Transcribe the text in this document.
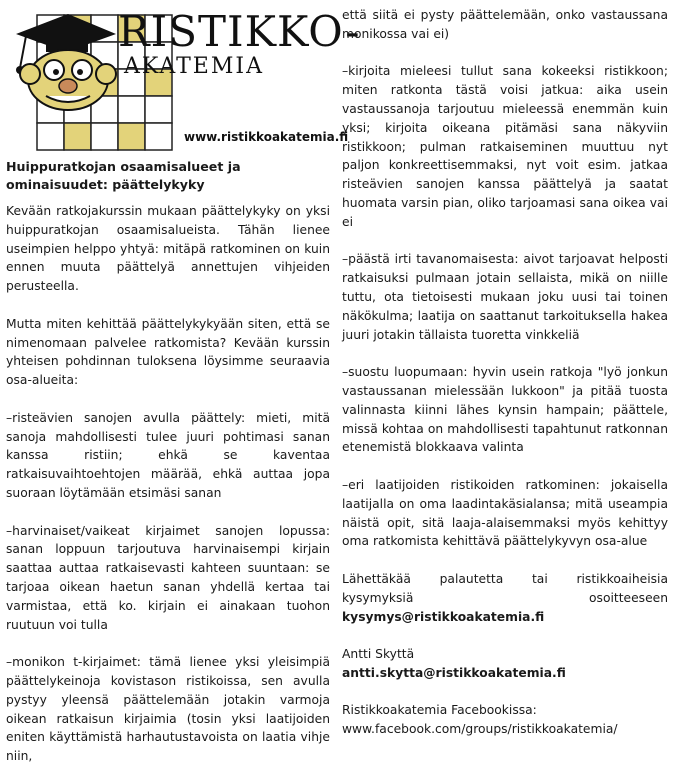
RISTIKKO-
AKATEMIA
www.ristikkoakatemia.fi
Huippuratkojan osaamisalueet ja ominaisuudet: päättelykyky

Kevään ratkojakurssin mukaan päättelykyky on yksi huippuratkojan osaamisalueista. Tähän lienee useimpien helppo yhtyä: mitäpä ratkominen on kuin ennen muuta päättelyä annettujen vihjeiden perusteella.

Mutta miten kehittää päättelykykyään siten, että se nimenomaan palvelee ratkomista? Kevään kurssin yhteisen pohdinnan tuloksena löysimme seuraavia osa-alueita:

–risteävien sanojen avulla päättely: mieti, mitä sanoja mahdollisesti tulee juuri pohtimasi sanan kanssa ristiin; ehkä se kaventaa ratkaisuvaihtoehtojen määrää, ehkä auttaa jopa suoraan löytämään etsimäsi sanan

–harvinaiset/vaikeat kirjaimet sanojen lopussa: sanan loppuun tarjoutuva harvinaisempi kirjain saattaa auttaa ratkaisevasti kahteen suuntaan: se tarjoaa oikean haetun sanan yhdellä kertaa tai varmistaa, että ko. kirjain ei ainakaan tuohon ruutuun voi tulla

–monikon t-kirjaimet: tämä lienee yksi yleisimpiä päättelykeinoja kovistason ristikoissa, sen avulla pystyy yleensä päättelemään jotakin varmoja oikean ratkaisun kirjaimia (tosin yksi laatijoiden eniten käyttämistä harhautustavoista on laatia vihje niin,

että siitä ei pysty päättelemään, onko vastaussana monikossa vai ei)

–kirjoita mieleesi tullut sana kokeeksi ristikkoon; miten ratkonta tästä voisi jatkua: aika usein vastaussanoja tarjoutuu mieleessä enemmän kuin yksi; kirjoita oikeana pitämäsi sana näkyviin ristikkoon; pulman ratkaiseminen muuttuu nyt paljon konkreettisemmaksi, nyt voit esim. jatkaa risteävien sanojen kanssa päättelyä ja saatat huomata varsin pian, oliko tarjoamasi sana oikea vai ei

–päästä irti tavanomaisesta: aivot tarjoavat helposti ratkaisuksi pulmaan jotain sellaista, mikä on niille tuttu, ota tietoisesti mukaan joku uusi tai toinen näkökulma; laatija on saattanut tarkoituksella hakea juuri jotakin tällaista tuoretta vinkkeliä

–suostu luopumaan: hyvin usein ratkoja "lyö jonkun vastaussanan mielessään lukkoon" ja pitää tuosta valinnasta kiinni lähes kynsin hampain; päättele, missä kohtaa on mahdollisesti tapahtunut ratkonnan etenemistä blokkaava valinta

–eri laatijoiden ristikoiden ratkominen: jokaisella laatijalla on oma laadintakäsialansa; mitä useampia näistä opit, sitä laaja-alaisemmaksi myös kehittyy oma ratkomista kehittävä päättelykyvyn osa-alue

Lähettäkää palautetta tai ristikkoaiheisia kysymyksiä osoitteeseen kysymys@ristikkoakatemia.fi

Antti Skyttä
antti.skytta@ristikkoakatemia.fi

Ristikkoakatemia Facebookissa:
www.facebook.com/groups/ristikkoakatemia/
